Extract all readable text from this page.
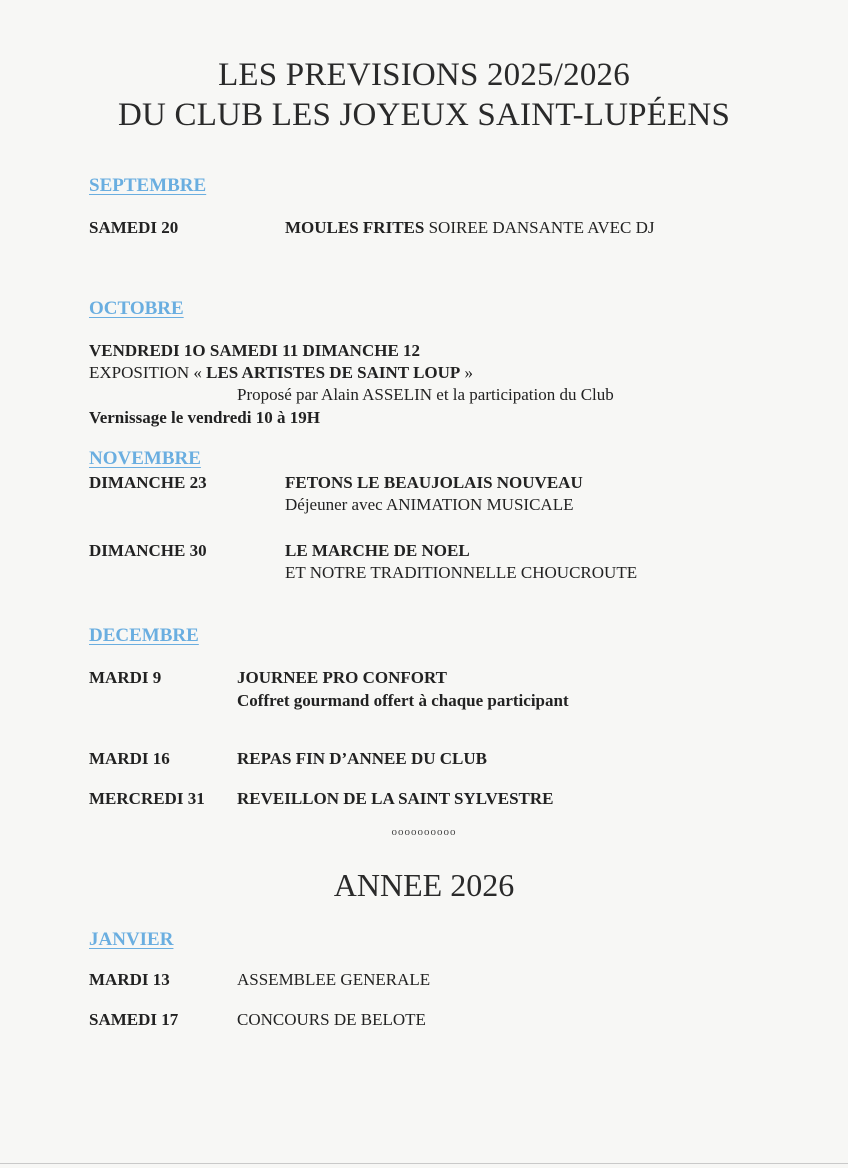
LES PREVISIONS 2025/2026
DU CLUB LES JOYEUX SAINT-LUPÉENS
SEPTEMBRE
SAMEDI 20	MOULES FRITES SOIREE DANSANTE AVEC DJ
OCTOBRE
VENDREDI 1O SAMEDI 11 DIMANCHE 12
EXPOSITION « LES ARTISTES DE SAINT LOUP »
Proposé par Alain ASSELIN et la participation du Club
Vernissage le vendredi 10 à 19H
NOVEMBRE
DIMANCHE 23	FETONS LE BEAUJOLAIS NOUVEAU
Déjeuner avec ANIMATION MUSICALE
DIMANCHE 30	LE MARCHE DE NOEL
ET NOTRE TRADITIONNELLE CHOUCROUTE
DECEMBRE
MARDI 9	JOURNEE PRO CONFORT
Coffret gourmand offert à chaque participant
MARDI 16	REPAS FIN D’ANNEE DU CLUB
MERCREDI 31 REVEILLON DE LA SAINT SYLVESTRE
oooooooooo
ANNEE 2026
JANVIER
MARDI 13	ASSEMBLEE GENERALE
SAMEDI 17	CONCOURS DE BELOTE
